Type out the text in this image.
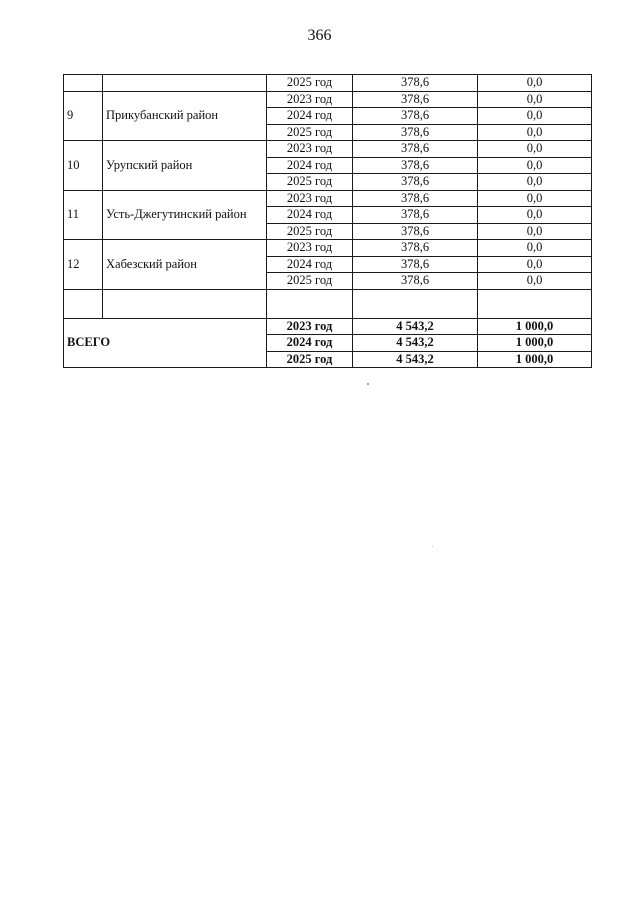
366
		2025 год	378,6	0,0
9	Прикубанский район	2023 год	378,6	0,0
		2024 год	378,6	0,0
		2025 год	378,6	0,0
10	Урупский район	2023 год	378,6	0,0
		2024 год	378,6	0,0
		2025 год	378,6	0,0
11	Усть-Джегутинский район	2023 год	378,6	0,0
		2024 год	378,6	0,0
		2025 год	378,6	0,0
12	Хабезский район	2023 год	378,6	0,0
		2024 год	378,6	0,0
		2025 год	378,6	0,0

ВСЕГО		2023 год	4 543,2	1 000,0
		2024 год	4 543,2	1 000,0
		2025 год	4 543,2	1 000,0
